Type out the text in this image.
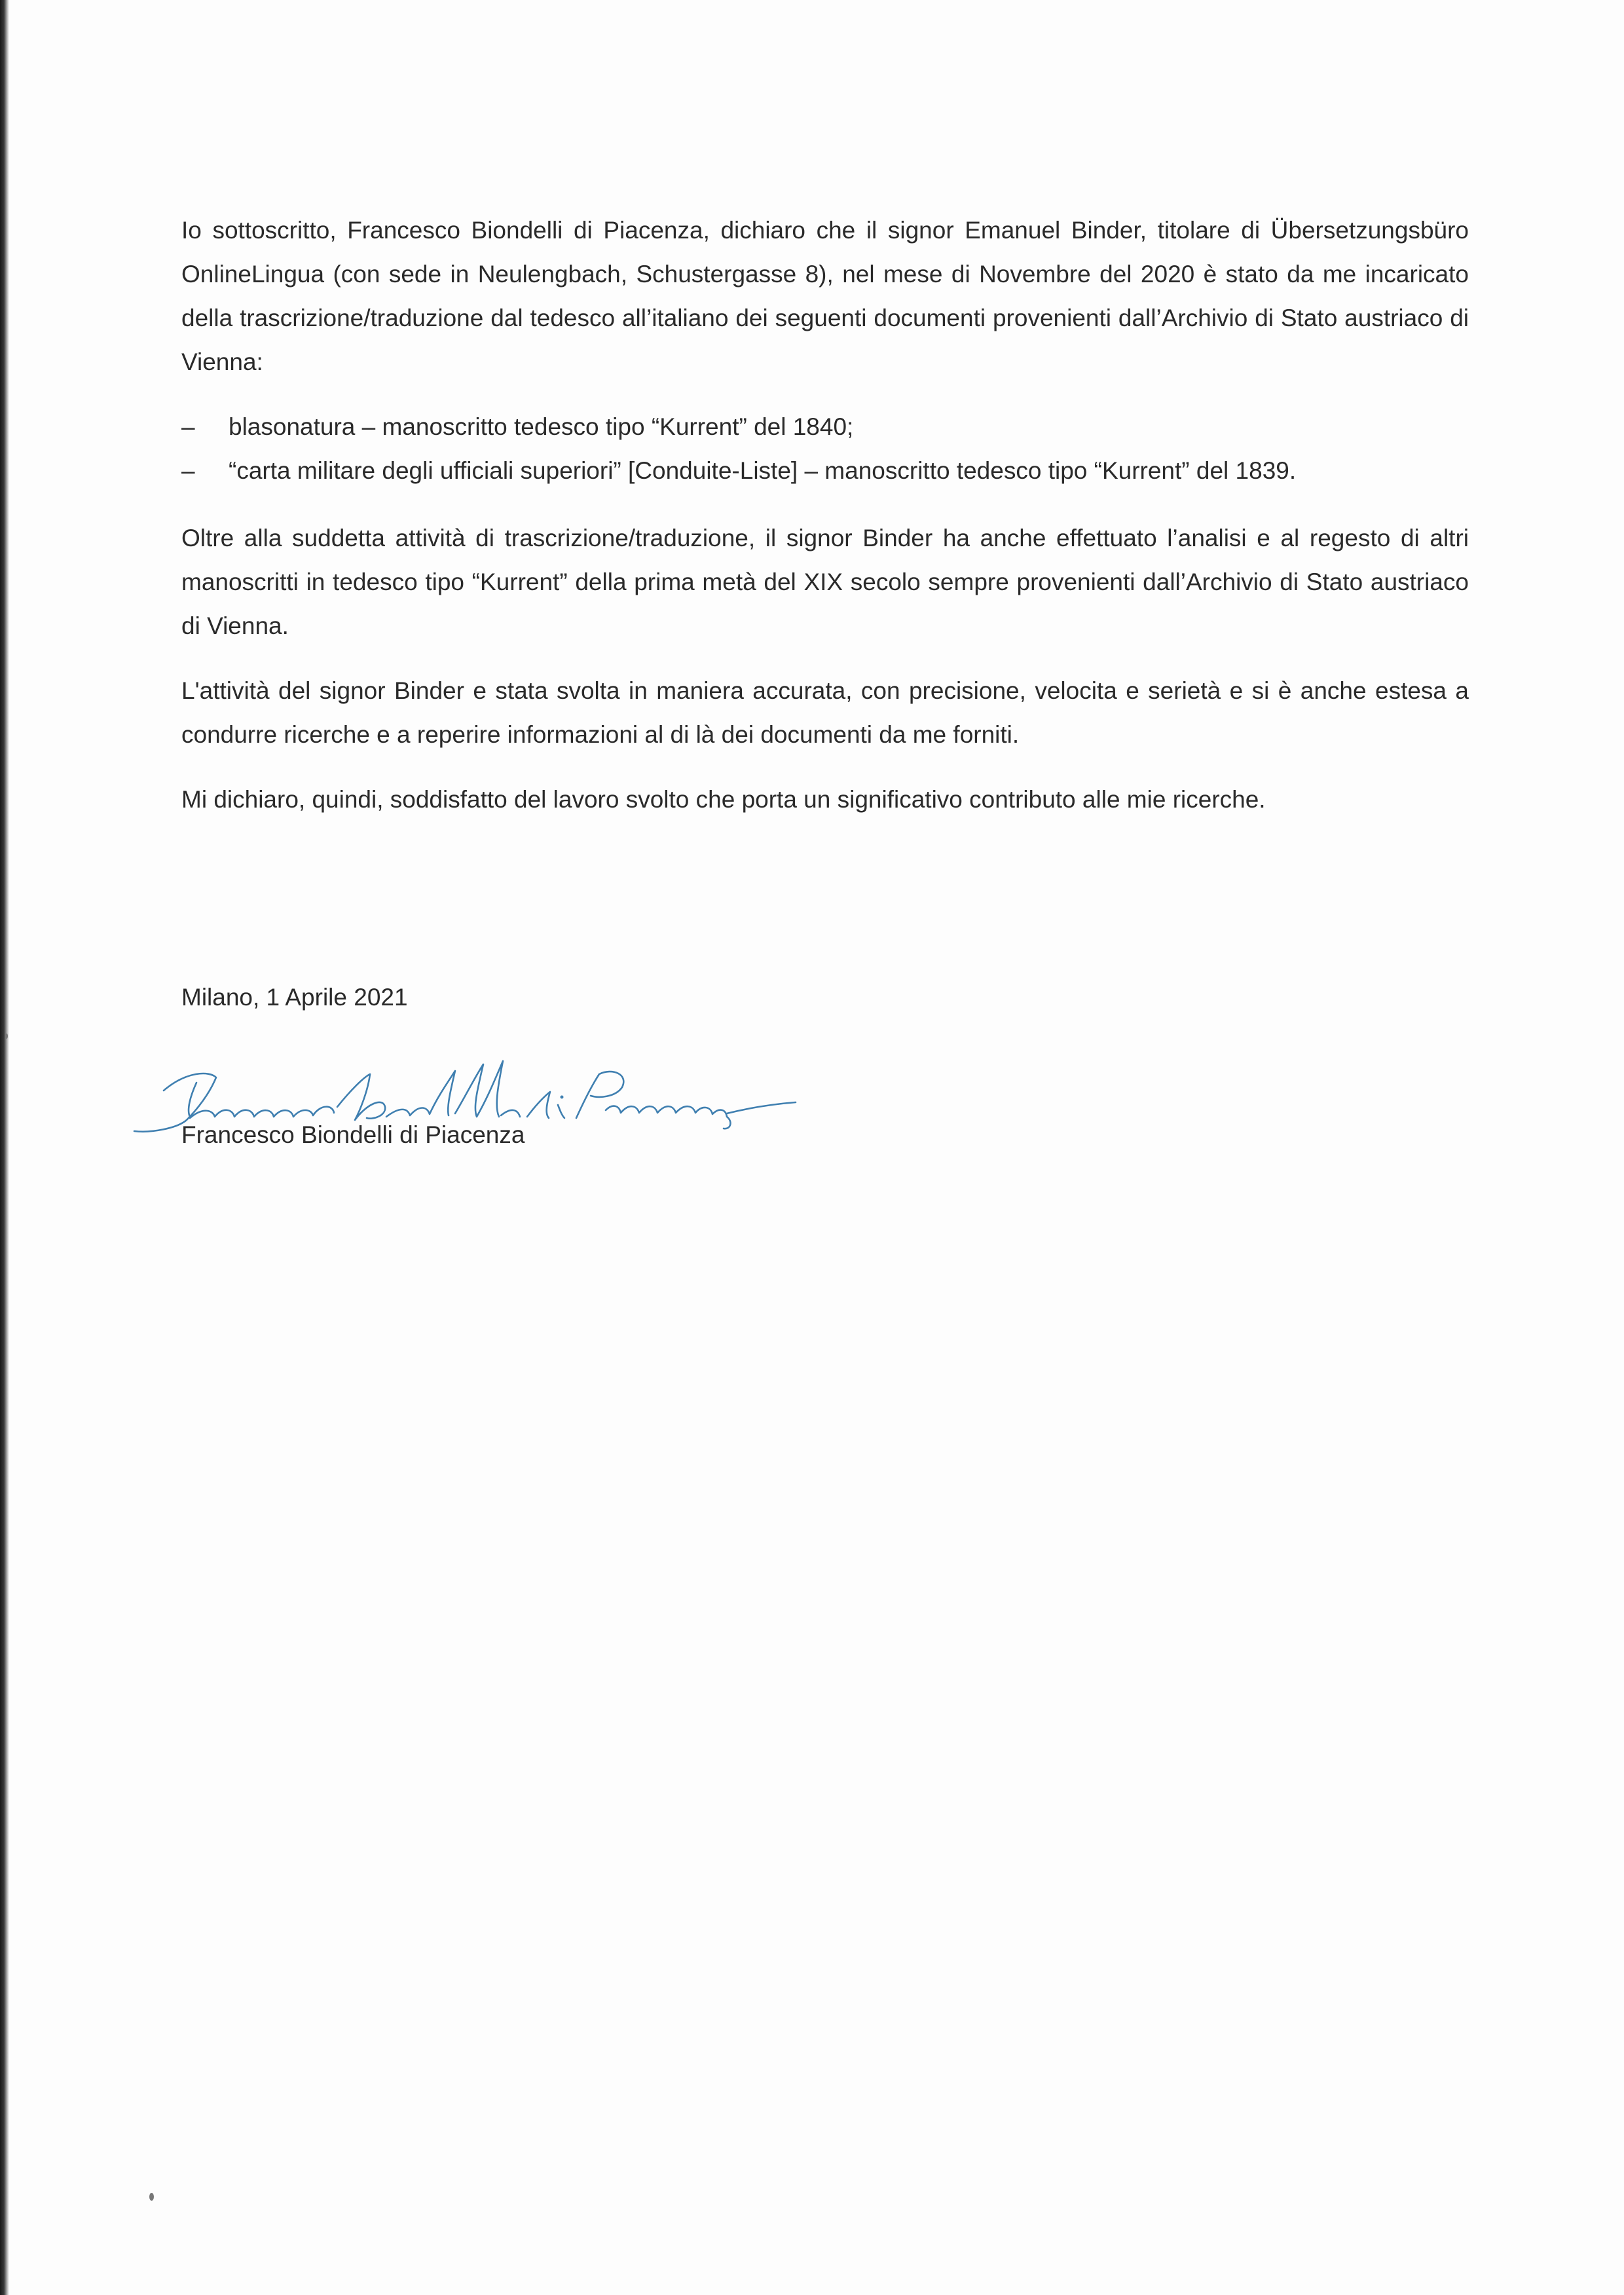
Io sottoscritto, Francesco Biondelli di Piacenza, dichiaro che il signor Emanuel Binder, titolare di Übersetzungsbüro OnlineLingua (con sede in Neulengbach, Schustergasse 8), nel mese di Novembre del 2020 è stato da me incaricato della trascrizione/traduzione dal tedesco all’italiano dei seguenti documenti provenienti dall’Archivio di Stato austriaco di Vienna:

– blasonatura – manoscritto tedesco tipo “Kurrent” del 1840;
– “carta militare degli ufficiali superiori” [Conduite-Liste] – manoscritto tedesco tipo “Kurrent” del 1839.

Oltre alla suddetta attività di trascrizione/traduzione, il signor Binder ha anche effettuato l’analisi e al regesto di altri manoscritti in tedesco tipo “Kurrent” della prima metà del XIX secolo sempre provenienti dall’Archivio di Stato austriaco di Vienna.

L'attività del signor Binder e stata svolta in maniera accurata, con precisione, velocita e serietà e si è anche estesa a condurre ricerche e a reperire informazioni al di là dei documenti da me forniti.

Mi dichiaro, quindi, soddisfatto del lavoro svolto che porta un significativo contributo alle mie ricerche.

Milano, 1 Aprile 2021
Francesco Biondelli di Piacenza
